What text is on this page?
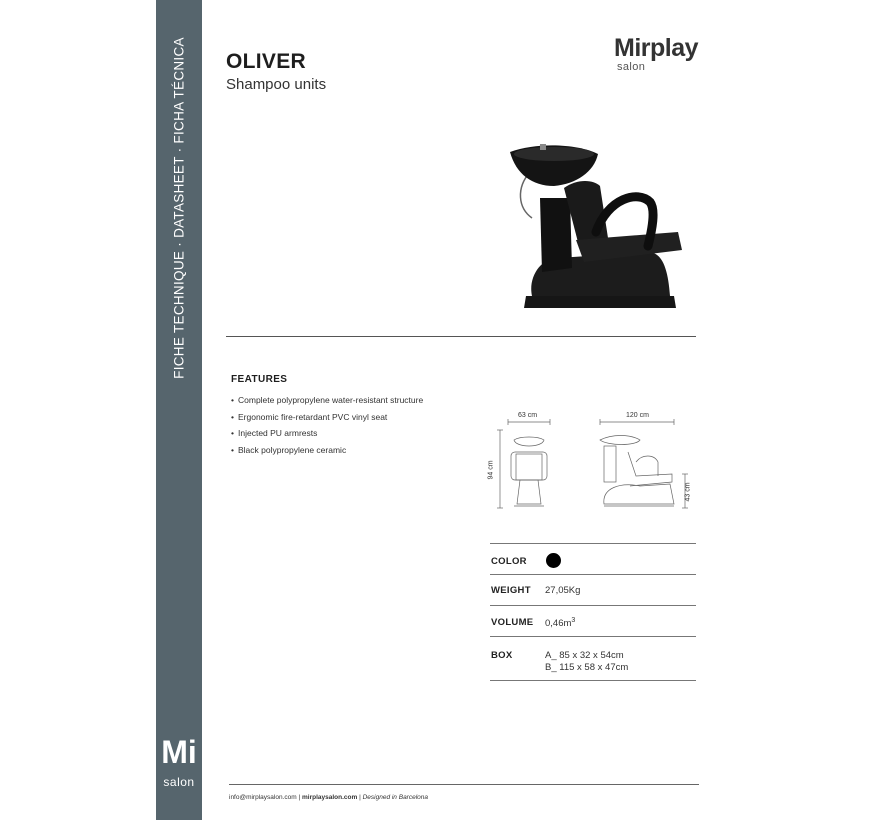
FICHE TECHNIQUE · DATASHEET · FICHA TÉCNICA
Mi
salon
OLIVER
Shampoo units
Mirplay
salon
FEATURES
• Complete polypropylene water-resistant structure
• Ergonomic fire-retardant PVC vinyl seat
• Injected PU armrests
• Black polypropylene ceramic
63 cm	120 cm
94 cm
43 cm
COLOR
WEIGHT 27,05Kg
VOLUME $0,46m^3$
BOX	A_ 85 x 32 x 54cm
B_ 115 x 58 x 47cm
info@mirplaysalon.com | mirplaysalon.com | Designed in Barcelona
